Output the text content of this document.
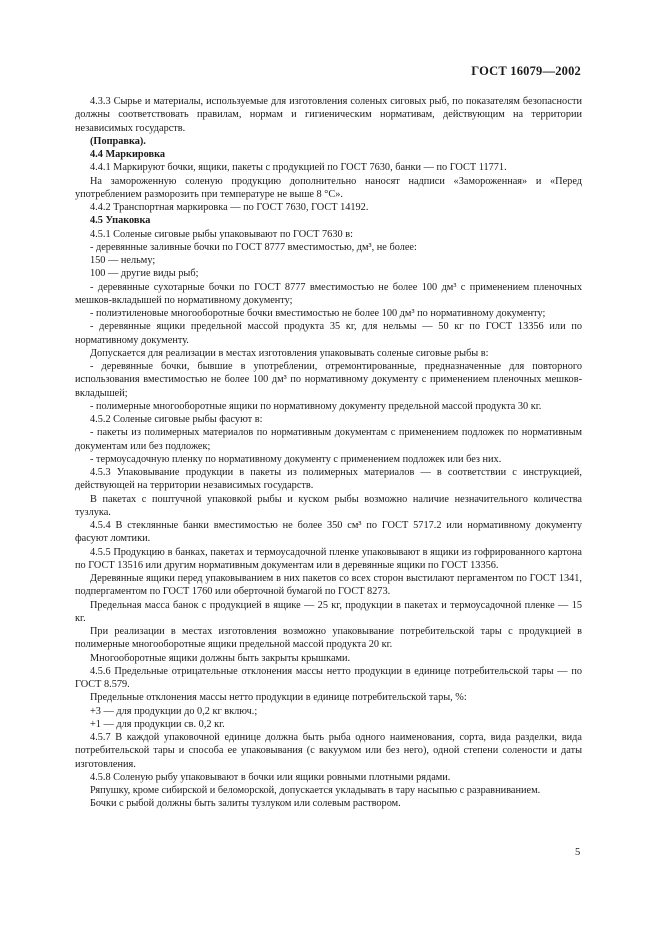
ГОСТ 16079—2002

4.3.3 Сырье и материалы, используемые для изготовления соленых сиговых рыб, по показателям безопасности должны соответствовать правилам, нормам и гигиеническим нормативам, действующим на территории независимых государств.

(Поправка).

4.4 Маркировка

4.4.1 Маркируют бочки, ящики, пакеты с продукцией по ГОСТ 7630, банки — по ГОСТ 11771.

На замороженную соленую продукцию дополнительно наносят надписи «Замороженная» и «Перед употреблением разморозить при температуре не выше 8 °С».

4.4.2 Транспортная маркировка — по ГОСТ 7630, ГОСТ 14192.

4.5 Упаковка

4.5.1 Соленые сиговые рыбы упаковывают по ГОСТ 7630 в:

- деревянные заливные бочки по ГОСТ 8777 вместимостью, дм³, не более:

150 — нельму;

100 — другие виды рыб;

- деревянные сухотарные бочки по ГОСТ 8777 вместимостью не более 100 дм³ с применением пленочных мешков-вкладышей по нормативному документу;

- полиэтиленовые многооборотные бочки вместимостью не более 100 дм³ по нормативному документу;

- деревянные ящики предельной массой продукта 35 кг, для нельмы — 50 кг по ГОСТ 13356 или по нормативному документу.

Допускается для реализации в местах изготовления упаковывать соленые сиговые рыбы в:

- деревянные бочки, бывшие в употреблении, отремонтированные, предназначенные для повторного использования вместимостью не более 100 дм³ по нормативному документу с применением пленочных мешков-вкладышей;

- полимерные многооборотные ящики по нормативному документу предельной массой продукта 30 кг.

4.5.2 Соленые сиговые рыбы фасуют в:

- пакеты из полимерных материалов по нормативным документам с применением подложек по нормативным документам или без подложек;

- термоусадочную пленку по нормативному документу с применением подложек или без них.

4.5.3 Упаковывание продукции в пакеты из полимерных материалов — в соответствии с инструкцией, действующей на территории независимых государств.

В пакетах с поштучной упаковкой рыбы и куском рыбы возможно наличие незначительного количества тузлука.

4.5.4 В стеклянные банки вместимостью не более 350 см³ по ГОСТ 5717.2 или нормативному документу фасуют ломтики.

4.5.5 Продукцию в банках, пакетах и термоусадочной пленке упаковывают в ящики из гофрированного картона по ГОСТ 13516 или другим нормативным документам или в деревянные ящики по ГОСТ 13356.

Деревянные ящики перед упаковыванием в них пакетов со всех сторон выстилают пергаментом по ГОСТ 1341, подпергаментом по ГОСТ 1760 или оберточной бумагой по ГОСТ 8273.

Предельная масса банок с продукцией в ящике — 25 кг, продукции в пакетах и термоусадочной пленке — 15 кг.

При реализации в местах изготовления возможно упаковывание потребительской тары с продукцией в полимерные многооборотные ящики предельной массой продукта 20 кг.

Многооборотные ящики должны быть закрыты крышками.

4.5.6 Предельные отрицательные отклонения массы нетто продукции в единице потребительской тары — по ГОСТ 8.579.

Предельные отклонения массы нетто продукции в единице потребительской тары, %:

+3 — для продукции до 0,2 кг включ.;

+1 — для продукции св. 0,2 кг.

4.5.7 В каждой упаковочной единице должна быть рыба одного наименования, сорта, вида разделки, вида потребительской тары и способа ее упаковывания (с вакуумом или без него), одной степени солености и даты изготовления.

4.5.8 Соленую рыбу упаковывают в бочки или ящики ровными плотными рядами.

Ряпушку, кроме сибирской и беломорской, допускается укладывать в тару насыпью с разравниванием.

Бочки с рыбой должны быть залиты тузлуком или солевым раствором.

5
